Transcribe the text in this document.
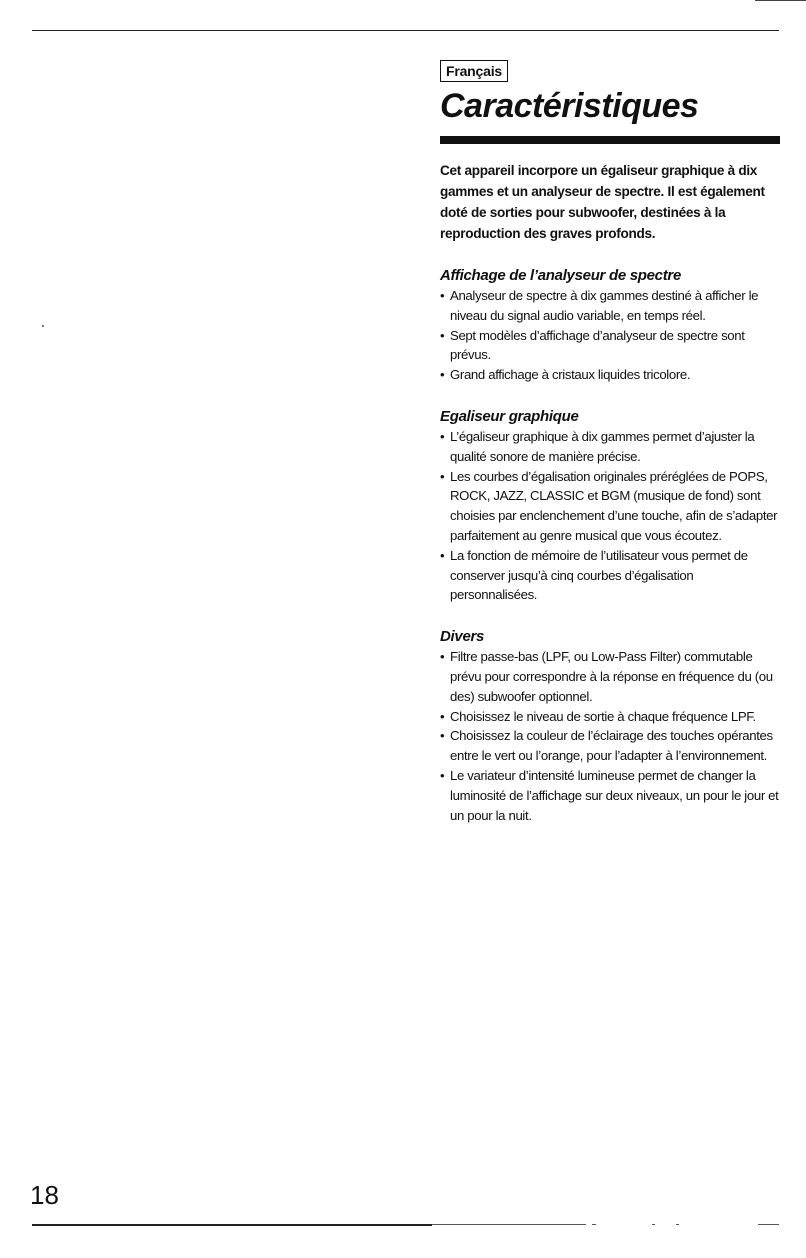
Français
Caractéristiques
Cet appareil incorpore un égaliseur graphique à dix gammes et un analyseur de spectre. Il est également doté de sorties pour subwoofer, destinées à la reproduction des graves profonds.
Affichage de l’analyseur de spectre
• Analyseur de spectre à dix gammes destiné à afficher le niveau du signal audio variable, en temps réel.
• Sept modèles d’affichage d’analyseur de spectre sont prévus.
• Grand affichage à cristaux liquides tricolore.
Egaliseur graphique
• L’égaliseur graphique à dix gammes permet d’ajuster la qualité sonore de manière précise.
• Les courbes d’égalisation originales préréglées de POPS, ROCK, JAZZ, CLASSIC et BGM (musique de fond) sont choisies par enclenchement d’une touche, afin de s’adapter parfaitement au genre musical que vous écoutez.
• La fonction de mémoire de l’utilisateur vous permet de conserver jusqu’à cinq courbes d’égalisation personnalisées.
Divers
• Filtre passe-bas (LPF, ou Low-Pass Filter) commutable prévu pour correspondre à la réponse en fréquence du (ou des) subwoofer optionnel.
• Choisissez le niveau de sortie à chaque fréquence LPF.
• Choisissez la couleur de l’éclairage des touches opérantes entre le vert ou l’orange, pour l’adapter à l’environnement.
• Le variateur d’intensité lumineuse permet de changer la luminosité de l’affichage sur deux niveaux, un pour le jour et un pour la nuit.
18
